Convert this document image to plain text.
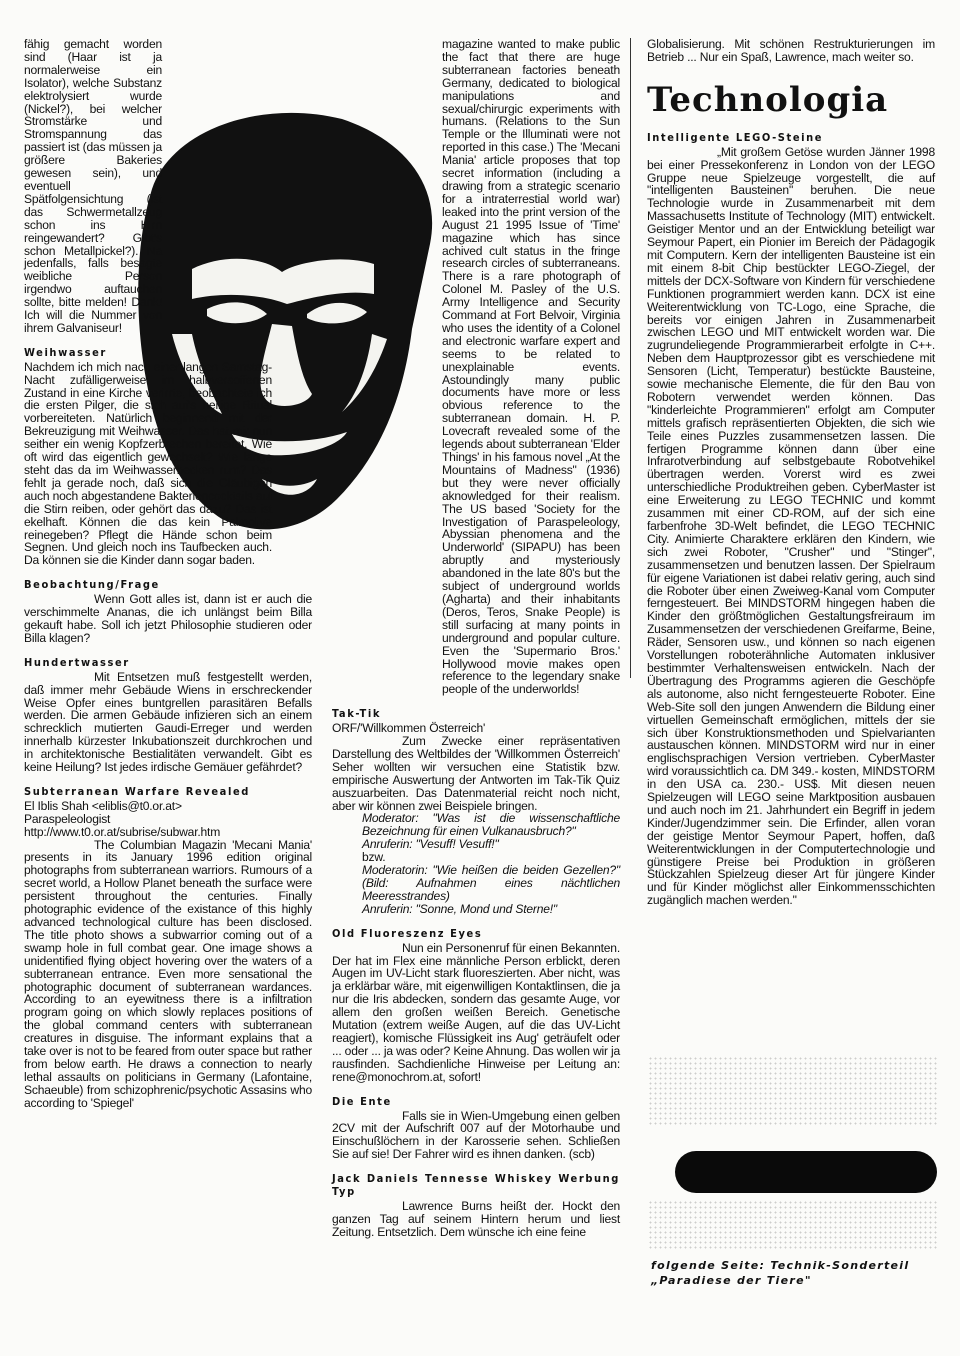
fähig gemacht worden sind (Haar ist ja normalerweise ein Isolator), welche Substanz elektrolysiert wurde (Nickel?), bei welcher Stromstärke und Stromspannung das passiert ist (das müssen ja größere Bakeries gewesen sein), und eventuell Spätfolgensichtung (ist das Schwermetallzeug schon ins Hirn reingewandert? Gibt's schon Metallpickel?). Na jedenfalls, falls besagte weibliche Person irgendwo auftauchen sollte, bitte melden! Dank! Ich will die Nummer von ihrem Galvaniseur!

Weihwasser

Nachdem ich mich nach einer langen Samstag-Nacht zufälligerweise im halbversoffenen Zustand in eine Kirche verirrte, beobachtete ich die ersten Pilger, die sich auf's heilige Ritual vorbereiteten. Natürlich beginnend mit der Bekreuzigung mit Weihwasser. Das hat mir nun seither ein wenig Kopfzerbrechen bereitet. Wie oft wird das eigentlich gewechselt? Wie lange steht das da im Weihwasserbecken rum? Das fehlt ja gerade noch, daß sich die Gläubigen auch noch abgestandene Bakteriencocktails auf die Stirn reiben, oder gehört das dazu? Das ist ekelhaft. Können die das kein Palmolive reinegeben? Pflegt die Hände schon beim Segnen. Und gleich noch ins Taufbecken auch. Da können sie die Kinder dann sogar baden.

Beobachtung/Frage

Wenn Gott alles ist, dann ist er auch die verschimmelte Ananas, die ich unlängst beim Billa gekauft habe. Soll ich jetzt Philosophie studieren oder Billa klagen?

Hundertwasser

Mit Entsetzen muß festgestellt werden, daß immer mehr Gebäude Wiens in erschreckender Weise Opfer eines buntgrellen parasitären Befalls werden. Die armen Gebäude infizieren sich an einem schrecklich mutierten Gaudi-Erreger und werden innerhalb kürzester Inkubationszeit durchkrochen und in architektonische Bestialitäten verwandelt. Gibt es keine Heilung? Ist jedes irdische Gemäuer gefährdet?

Subterranean Warfare Revealed

El Iblis Shah <eliblis@t0.or.at>

Paraspeleologist

http://www.t0.or.at/subrise/subwar.htm

The Columbian Magazin 'Mecani Mania' presents in its January 1996 edition original photographs from subterranean warriors. Rumours of a secret world, a Hollow Planet beneath the surface were persistent throughout the centuries. Finally photographic evidence of the existance of this highly advanced technological culture has been disclosed. The title photo shows a subwarrior coming out of a swamp hole in full combat gear. One image shows a unidentified flying object hovering over the waters of a subterranean entrance. Even more sensational the photographic document of subterranean wardances. According to an eyewitness there is a infiltration program going on which slowly replaces positions of the global command centers with subterranean creatures in disguise. The informant explains that a take over is not to be feared from outer space but rather from below earth. He draws a connection to nearly lethal assaults on politicians in Germany (Lafontaine, Schaeuble) from schizophrenic/psychotic Assasins who according to 'Spiegel'

magazine wanted to make public the fact that there are huge subterranean factories beneath Germany, dedicated to biological manipulations and sexual/chirurgic experiments with humans. (Relations to the Sun Temple or the Illuminati were not reported in this case.) The 'Mecani Mania' article proposes that top secret information (including a drawing from a strategic scenario for a intraterrestial world war) leaked into the print version of the August 21 1995 Issue of 'Time' magazine which has since achived cult status in the fringe research circles of subterraneans. There is a rare photograph of Colonel M. Pasley of the U.S. Army Intelligence and Security Command at Fort Belvoir, Virginia who uses the identity of a Colonel and electronic warfare expert and seems to be related to unexplainable events. Astoundingly many public documents have more or less obvious reference to the subterranean domain. H. P. Lovecraft revealed some of the legends about subterranean 'Elder Things' in his famous novel „At the Mountains of Madness" (1936) but they were never officially aknowledged for their realism. The US based 'Society for the Investigation of Paraspeleology, Abyssian phenomena and the Underworld' (SIPAPU) has been abruptly and mysteriously abandoned in the late 80's but the subject of underground worlds (Agharta) and their inhabitants (Deros, Teros, Snake People) is still surfacing at many points in underground and popular culture. Even the 'Supermario Bros.' Hollywood movie makes open reference to the legendary snake people of the underworlds!

Tak-Tik

ORF/'Willkommen Österreich'

Zum Zwecke einer repräsentativen Darstellung des Weltbildes der 'Willkommen Österreich' Seher wollten wir versuchen eine Statistik bzw. empirische Auswertung der Antworten im Tak-Tik Quiz auszuarbeiten. Das Datenmaterial reicht noch nicht, aber wir können zwei Beispiele bringen.

Moderator: "Was ist die wissenschaftliche Bezeichnung für einen Vulkanausbruch?"

Anruferin: "Vesuff! Vesuff!"

bzw.

Moderatorin: "Wie heißen die beiden Gezellen?" (Bild: Aufnahmen eines nächtlichen Meeresstrandes)

Anruferin: "Sonne, Mond und Sterne!"

Old Fluoreszenz Eyes

Nun ein Personenruf für einen Bekannten. Der hat im Flex eine männliche Person erblickt, deren Augen im UV-Licht stark fluoreszierten. Aber nicht, was ja erklärbar wäre, mit eigenwilligen Kontaktlinsen, die ja nur die Iris abdecken, sondern das gesamte Auge, vor allem den großen weißen Bereich. Genetische Mutation (extrem weiße Augen, auf die das UV-Licht reagiert), komische Flüssigkeit ins Aug' geträufelt oder ... oder ... ja was oder? Keine Ahnung. Das wollen wir ja rausfinden. Sachdienliche Hinweise per Leitung an: rene@monochrom.at, sofort!

Die Ente

Falls sie in Wien-Umgebung einen gelben 2CV mit der Aufschrift 007 auf der Motorhaube und Einschußlöchern in der Karosserie sehen. Schließen Sie auf sie! Der Fahrer wird es ihnen danken. (scb)

Jack Daniels Tennesse Whiskey Werbung Typ

Lawrence Burns heißt der. Hockt den ganzen Tag auf seinem Hintern herum und liest Zeitung. Entsetzlich. Dem wünsche ich eine feine

Globalisierung. Mit schönen Restrukturierungen im Betrieb ... Nur ein Spaß, Lawrence, mach weiter so.

Intelligente LEGO-Steine

„Mit großem Getöse wurden Jänner 1998 bei einer Pressekonferenz in London von der LEGO Gruppe neue Spielzeuge vorgestellt, die auf "intelligenten Bausteinen" beruhen. Die neue Technologie wurde in Zusammenarbeit mit dem Massachusetts Institute of Technology (MIT) entwickelt. Geistiger Mentor und an der Entwicklung beteiligt war Seymour Papert, ein Pionier im Bereich der Pädagogik mit Computern. Kern der intelligenten Bausteine ist ein mit einem 8-bit Chip bestückter LEGO-Ziegel, der mittels der DCX-Software von Kindern für verschiedene Funktionen programmiert werden kann. DCX ist eine Weiterentwicklung von TC-Logo, eine Sprache, die bereits vor einigen Jahren in Zusammenarbeit zwischen LEGO und MIT entwickelt worden war. Die zugrundeliegende Programmierarbeit erfolgte in C++. Neben dem Hauptprozessor gibt es verschiedene mit Sensoren (Licht, Temperatur) bestückte Bausteine, sowie mechanische Elemente, die für den Bau von Robotern verwendet werden können. Das "kinderleichte Programmieren" erfolgt am Computer mittels grafisch repräsentierten Objekten, die sich wie Teile eines Puzzles zusammensetzen lassen. Die fertigen Programme können dann über eine Infrarotverbindung auf selbstgebaute Robotvehikel übertragen werden. Vorerst wird es zwei unterschiedliche Produktreihen geben. CyberMaster ist eine Erweiterung zu LEGO TECHNIC und kommt zusammen mit einer CD-ROM, auf der sich eine farbenfrohe 3D-Welt befindet, die LEGO TECHNIC City. Animierte Charaktere erklären den Kindern, wie sich zwei Roboter, "Crusher" und "Stinger", zusammensetzen und benutzen lassen. Der Spielraum für eigene Variationen ist dabei relativ gering, auch sind die Roboter über einen Zweiweg-Kanal vom Computer ferngesteuert. Bei MINDSTORM hingegen haben die Kinder den größtmöglichen Gestaltungsfreiraum im Zusammensetzen der verschiedenen Greifarme, Beine, Räder, Sensoren usw., und können so nach eigenen Vorstellungen roboterähnliche Automaten inklusiver bestimmter Verhaltensweisen entwickeln. Nach der Übertragung des Programms agieren die Geschöpfe als autonome, also nicht ferngesteuerte Roboter. Eine Web-Site soll den jungen Anwendern die Bildung einer virtuellen Gemeinschaft ermöglichen, mittels der sie sich über Konstruktionsmethoden und Spielvarianten austauschen können. MINDSTORM wird nur in einer englischsprachigen Version vertrieben. CyberMaster wird voraussichtlich ca. DM 349.- kosten, MINDSTORM in den USA ca. 230.- US$. Mit diesen neuen Spielzeugen will LEGO seine Marktposition ausbauen und auch noch im 21. Jahrhundert ein Begriff in jedem Kinder/Jugendzimmer sein. Die Erfinder, allen voran der geistige Mentor Seymour Papert, hoffen, daß Weiterentwicklungen in der Computertechnologie und günstigere Preise bei Produktion in größeren Stückzahlen Spielzeug dieser Art für jüngere Kinder und für Kinder möglichst aller Einkommensschichten zugänglich machen werden."

Technologia
folgende Seite: Technik-Sonderteil
„Paradiese der Tiere"
